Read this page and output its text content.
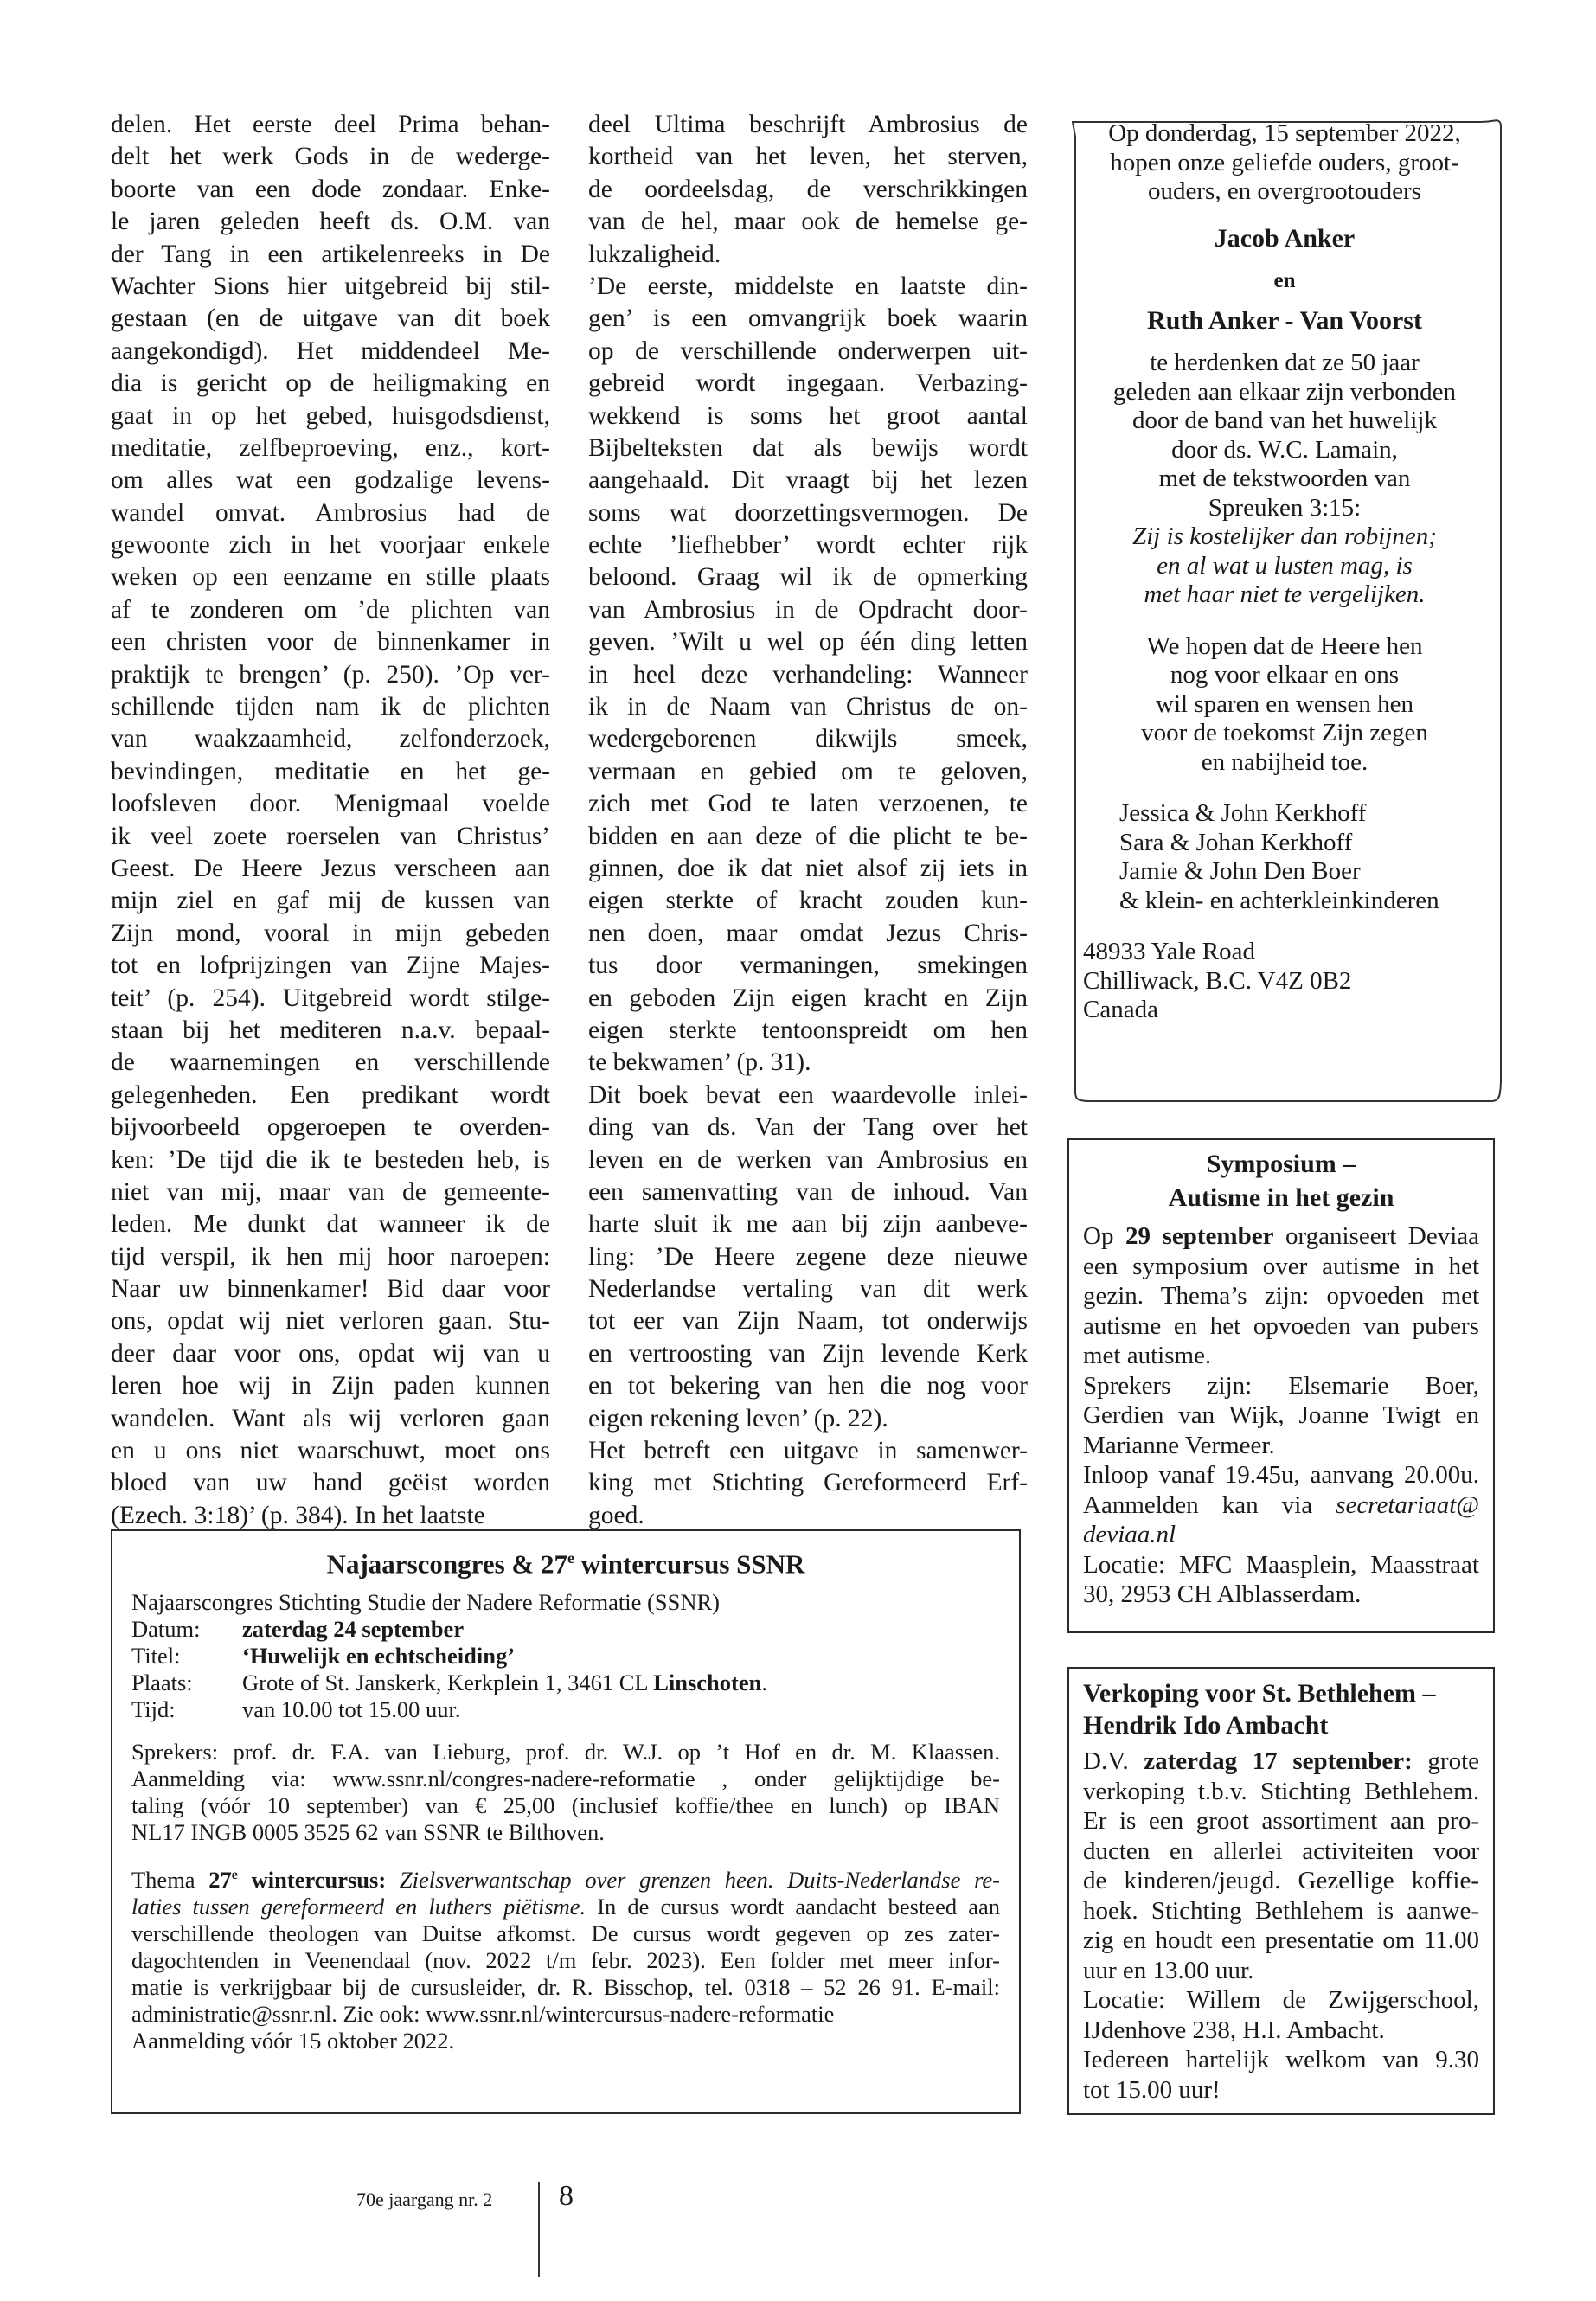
delen. Het eerste deel Prima behan-
delt het werk Gods in de wederge-
boorte van een dode zondaar. Enke-
le jaren geleden heeft ds. O.M. van
der Tang in een artikelenreeks in De
Wachter Sions hier uitgebreid bij stil-
gestaan (en de uitgave van dit boek
aangekondigd). Het middendeel Me-
dia is gericht op de heiligmaking en
gaat in op het gebed, huisgodsdienst,
meditatie, zelfbeproeving, enz., kort-
om alles wat een godzalige levens-
wandel omvat. Ambrosius had de
gewoonte zich in het voorjaar enkele
weken op een eenzame en stille plaats
af te zonderen om ’de plichten van
een christen voor de binnenkamer in
praktijk te brengen’ (p. 250). ’Op ver-
schillende tijden nam ik de plichten
van waakzaamheid, zelfonderzoek,
bevindingen, meditatie en het ge-
loofsleven door. Menigmaal voelde
ik veel zoete roerselen van Christus’
Geest. De Heere Jezus verscheen aan
mijn ziel en gaf mij de kussen van
Zijn mond, vooral in mijn gebeden
tot en lofprijzingen van Zijne Majes-
teit’ (p. 254). Uitgebreid wordt stilge-
staan bij het mediteren n.a.v. bepaal-
de waarnemingen en verschillende
gelegenheden. Een predikant wordt
bijvoorbeeld opgeroepen te overden-
ken: ’De tijd die ik te besteden heb, is
niet van mij, maar van de gemeente-
leden. Me dunkt dat wanneer ik de
tijd verspil, ik hen mij hoor naroepen:
Naar uw binnenkamer! Bid daar voor
ons, opdat wij niet verloren gaan. Stu-
deer daar voor ons, opdat wij van u
leren hoe wij in Zijn paden kunnen
wandelen. Want als wij verloren gaan
en u ons niet waarschuwt, moet ons
bloed van uw hand geëist worden
(Ezech. 3:18)’ (p. 384). In het laatste
deel Ultima beschrijft Ambrosius de
kortheid van het leven, het sterven,
de oordeelsdag, de verschrikkingen
van de hel, maar ook de hemelse ge-
lukzaligheid.
’De eerste, middelste en laatste din-
gen’ is een omvangrijk boek waarin
op de verschillende onderwerpen uit-
gebreid wordt ingegaan. Verbazing-
wekkend is soms het groot aantal
Bijbelteksten dat als bewijs wordt
aangehaald. Dit vraagt bij het lezen
soms wat doorzettingsvermogen. De
echte ’liefhebber’ wordt echter rijk
beloond. Graag wil ik de opmerking
van Ambrosius in de Opdracht door-
geven. ’Wilt u wel op één ding letten
in heel deze verhandeling: Wanneer
ik in de Naam van Christus de on-
wedergeborenen dikwijls smeek,
vermaan en gebied om te geloven,
zich met God te laten verzoenen, te
bidden en aan deze of die plicht te be-
ginnen, doe ik dat niet alsof zij iets in
eigen sterkte of kracht zouden kun-
nen doen, maar omdat Jezus Chris-
tus door vermaningen, smekingen
en geboden Zijn eigen kracht en Zijn
eigen sterkte tentoonspreidt om hen
te bekwamen’ (p. 31).
Dit boek bevat een waardevolle inlei-
ding van ds. Van der Tang over het
leven en de werken van Ambrosius en
een samenvatting van de inhoud. Van
harte sluit ik me aan bij zijn aanbeve-
ling: ’De Heere zegene deze nieuwe
Nederlandse vertaling van dit werk
tot eer van Zijn Naam, tot onderwijs
en vertroosting van Zijn levende Kerk
en tot bekering van hen die nog voor
eigen rekening leven’ (p. 22).
Het betreft een uitgave in samenwer-
king met Stichting Gereformeerd Erf-
goed.
Op donderdag, 15 september 2022,
hopen onze geliefde ouders, groot-
ouders, en overgrootouders
Jacob Anker
en
Ruth Anker - Van Voorst
te herdenken dat ze 50 jaar
geleden aan elkaar zijn verbonden
door de band van het huwelijk
door ds. W.C. Lamain,
met de tekstwoorden van
Spreuken 3:15:
Zij is kostelijker dan robijnen;
en al wat u lusten mag, is
met haar niet te vergelijken.
We hopen dat de Heere hen
nog voor elkaar en ons
wil sparen en wensen hen
voor de toekomst Zijn zegen
en nabijheid toe.
Jessica & John Kerkhoff
Sara & Johan Kerkhoff
Jamie & John Den Boer
& klein- en achterkleinkinderen
48933 Yale Road
Chilliwack, B.C. V4Z 0B2
Canada
Symposium –
Autisme in het gezin
Op 29 september organiseert Deviaa
een symposium over autisme in het
gezin. Thema’s zijn: opvoeden met
autisme en het opvoeden van pubers
met autisme.
Sprekers zijn: Elsemarie Boer,
Gerdien van Wijk, Joanne Twigt en
Marianne Vermeer.
Inloop vanaf 19.45u, aanvang 20.00u.
Aanmelden kan via secretariaat@
deviaa.nl
Locatie: MFC Maasplein, Maasstraat
30, 2953 CH Alblasserdam.
Verkoping voor St. Bethlehem –
Hendrik Ido Ambacht
D.V. zaterdag 17 september: grote
verkoping t.b.v. Stichting Bethlehem.
Er is een groot assortiment aan pro-
ducten en allerlei activiteiten voor
de kinderen/jeugd. Gezellige koffie-
hoek. Stichting Bethlehem is aanwe-
zig en houdt een presentatie om 11.00
uur en 13.00 uur.
Locatie: Willem de Zwijgerschool,
IJdenhove 238, H.I. Ambacht.
Iedereen hartelijk welkom van 9.30
tot 15.00 uur!
Najaarscongres & 27e wintercursus SSNR
Najaarscongres Stichting Studie der Nadere Reformatie (SSNR)
Datum: zaterdag 24 september
Titel:	‘Huwelijk en echtscheiding’
Plaats: Grote of St. Janskerk, Kerkplein 1, 3461 CL Linschoten.
Tijd:	van 10.00 tot 15.00 uur.
Sprekers: prof. dr. F.A. van Lieburg, prof. dr. W.J. op ’t Hof en dr. M. Klaassen.
Aanmelding via: www.ssnr.nl/congres-nadere-reformatie , onder gelijktijdige be-
taling (vóór 10 september) van € 25,00 (inclusief koffie/thee en lunch) op IBAN
NL17 INGB 0005 3525 62 van SSNR te Bilthoven.
Thema 27e wintercursus: Zielsverwantschap over grenzen heen. Duits-Nederlandse re-
laties tussen gereformeerd en luthers piëtisme. In de cursus wordt aandacht besteed aan
verschillende theologen van Duitse afkomst. De cursus wordt gegeven op zes zater-
dagochtenden in Veenendaal (nov. 2022 t/m febr. 2023). Een folder met meer infor-
matie is verkrijgbaar bij de cursusleider, dr. R. Bisschop, tel. 0318 – 52 26 91. E-mail:
administratie@ssnr.nl. Zie ook: www.ssnr.nl/wintercursus-nadere-reformatie
Aanmelding vóór 15 oktober 2022.
70e jaargang nr. 2 8
